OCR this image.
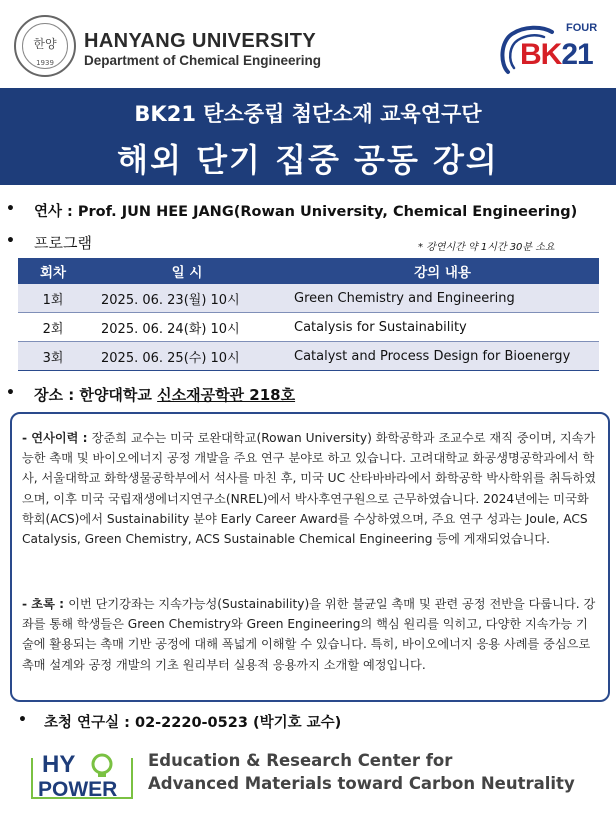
한양
1939
HANYANG UNIVERSITY
Department of Chemical Engineering
FOUR
BK21
BK21 탄소중립 첨단소재 교육연구단
해외 단기 집중 공동 강의
• 연사 : Prof. JUN HEE JANG(Rowan University, Chemical Engineering)
• 프로그램	* 강연시간 약 1시간 30분 소요
회차	일 시	강의 내용
1회	2025. 06. 23(월) 10시	Green Chemistry and Engineering
2회	2025. 06. 24(화) 10시	Catalysis for Sustainability
3회	2025. 06. 25(수) 10시	Catalyst and Process Design for Bioenergy
• 장소 : 한양대학교 신소재공학관 218호
- 연사이력 : 장준희 교수는 미국 로완대학교(Rowan University) 화학공학과 조교수로 재직 중이며, 지속가능한 촉매 및 바이오에너지 공정 개발을 주요 연구 분야로 하고 있습니다. 고려대학교 화공생명공학과에서 학사, 서울대학교 화학생물공학부에서 석사를 마친 후, 미국 UC 산타바바라에서 화학공학 박사학위를 취득하였으며, 이후 미국 국립재생에너지연구소(NREL)에서 박사후연구원으로 근무하였습니다. 2024년에는 미국화학회(ACS)에서 Sustainability 분야 Early Career Award를 수상하였으며, 주요 연구 성과는 Joule, ACS Catalysis, Green Chemistry, ACS Sustainable Chemical Engineering 등에 게재되었습니다.
- 초록 : 이번 단기강좌는 지속가능성(Sustainability)을 위한 불균일 촉매 및 관련 공정 전반을 다룹니다. 강좌를 통해 학생들은 Green Chemistry와 Green Engineering의 핵심 원리를 익히고, 다양한 지속가능 기술에 활용되는 촉매 기반 공정에 대해 폭넓게 이해할 수 있습니다. 특히, 바이오에너지 응용 사례를 중심으로 촉매 설계와 공정 개발의 기초 원리부터 실용적 응용까지 소개할 예정입니다.
• 초청 연구실 : 02-2220-0523 (박기호 교수)
HY
POWER
Education & Research Center for
Advanced Materials toward Carbon Neutrality
